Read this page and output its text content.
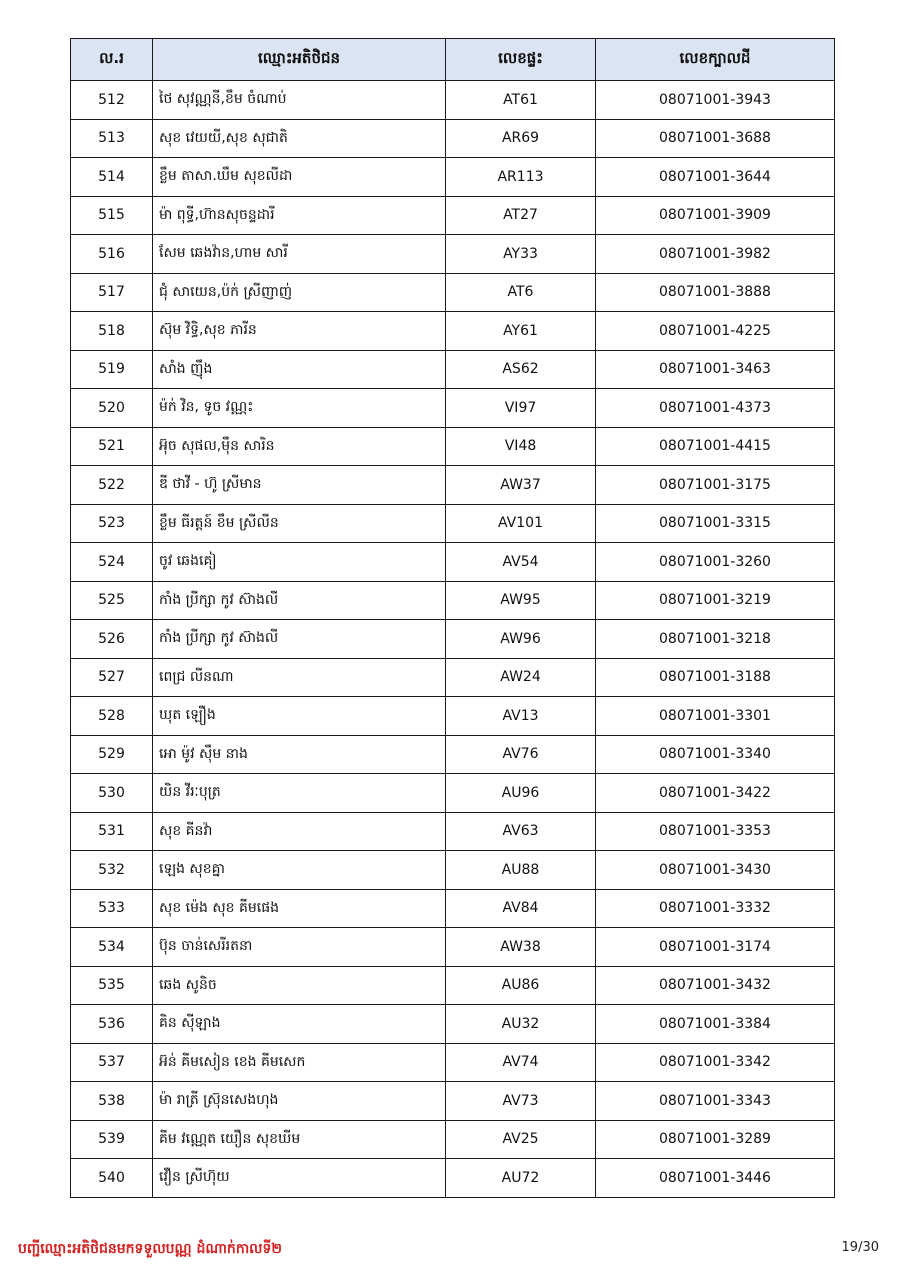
ល.រ	ឈ្មោះអតិថិជន	លេខផ្ទះ	លេខក្បាលដី
512	ថៃ សុវណ្ណនី,ខឹម ចំណាប់	AT61	08071001-3943
513	សុខ វេយយី,សុខ សុជាតិ	AR69	08071001-3688
514	ខ្លឹម តាសា.ឃឹម សុខលីដា	AR113	08071001-3644
515	ម៉ា ពុទ្ធី,ហ៊ានសុចន្ទដារី	AT27	08071001-3909
516	សែម ឆេងវ៉ាន,ហាម សារី	AY33	08071001-3982
517	ជុំ សាយេន,ប៉ក់ ស្រីញាញ់	AT6	08071001-3888
518	ស៊ុម វិទ្ធិ,សុខ ភារីន	AY61	08071001-4225
519	សាំង ញ៉ឹង	AS62	08071001-3463
520	ម៉ក់ វិន, ទូច វណ្ណះ	VI97	08071001-4373
521	អ៊ុច សុផល,ម៉ឹន សារិន	VI48	08071001-4415
522	ឌី ថាវី - ហ៊ូ ស្រីមាន	AW37	08071001-3175
523	ខ្លឹម ធីរត្តន៍ ខឹម ស្រីលីន	AV101	08071001-3315
524	ចូវ ឆេងគៀ	AV54	08071001-3260
525	កាំង ប្រីក្សា កូវ ស៊ាងលី	AW95	08071001-3219
526	កាំង ប្រីក្សា កូវ ស៊ាងលី	AW96	08071001-3218
527	ពេជ្រ លីនណា	AW24	08071001-3188
528	ឃុត ឡឿង	AV13	08071001-3301
529	អោ ម៉ូវ ស៊ឹម នាង	AV76	08071001-3340
530	យិន វីរៈបុត្រ	AU96	08071001-3422
531	សុខ គីនវ៉ា	AV63	08071001-3353
532	ឡេង សុខគ្នា	AU88	08071001-3430
533	សុខ ម៉េង សុខ គីមផេង	AV84	08071001-3332
534	ប៊ុន ចាន់សេរីរតនា	AW38	08071001-3174
535	ឆេង សូនិច	AU86	08071001-3432
536	គិន ស៊ីឡាង	AU32	08071001-3384
537	អ៊ន់ គីមសៀន ខេង គីមសេក	AV74	08071001-3342
538	ម៉ា រាត្រី ស៊្រុនសេងហុង	AV73	08071001-3343
539	គីម វណ្ណេត យឿន សុខឃីម	AV25	08071001-3289
540	វឿន ស្រីហ៊ុយ	AU72	08071001-3446
បញ្ជីឈ្មោះអតិថិជនមកទទួលបណ្ណ ដំណាក់កាលទី២	19/30
